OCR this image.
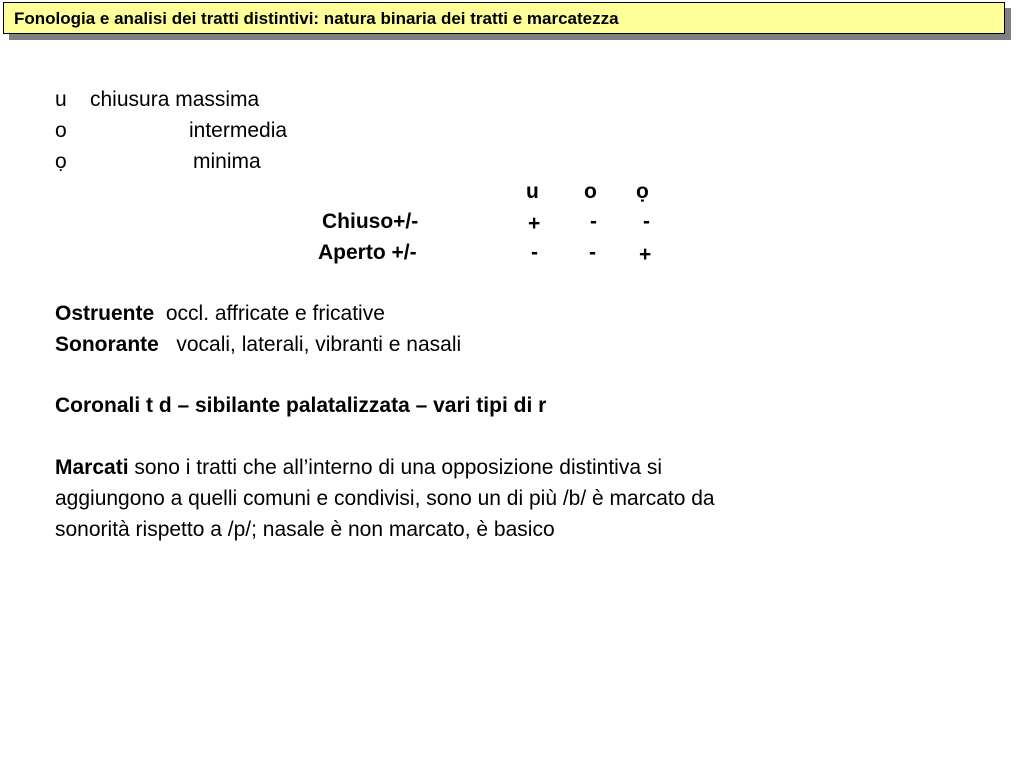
Fonologia e analisi dei tratti distintivi: natura binaria dei tratti e marcatezza
u chiusura massima
o	intermedia
ọ	minima
u o ọ
Chiuso+/-	+ - -
Aperto +/-	- - +
Ostruente occl. affricate e fricative
Sonorante vocali, laterali, vibranti e nasali
Coronali t d – sibilante palatalizzata – vari tipi di r
Marcati sono i tratti che all’interno di una opposizione distintiva si
aggiungono a quelli comuni e condivisi, sono un di più /b/ è marcato da
sonorità rispetto a /p/; nasale è non marcato, è basico
